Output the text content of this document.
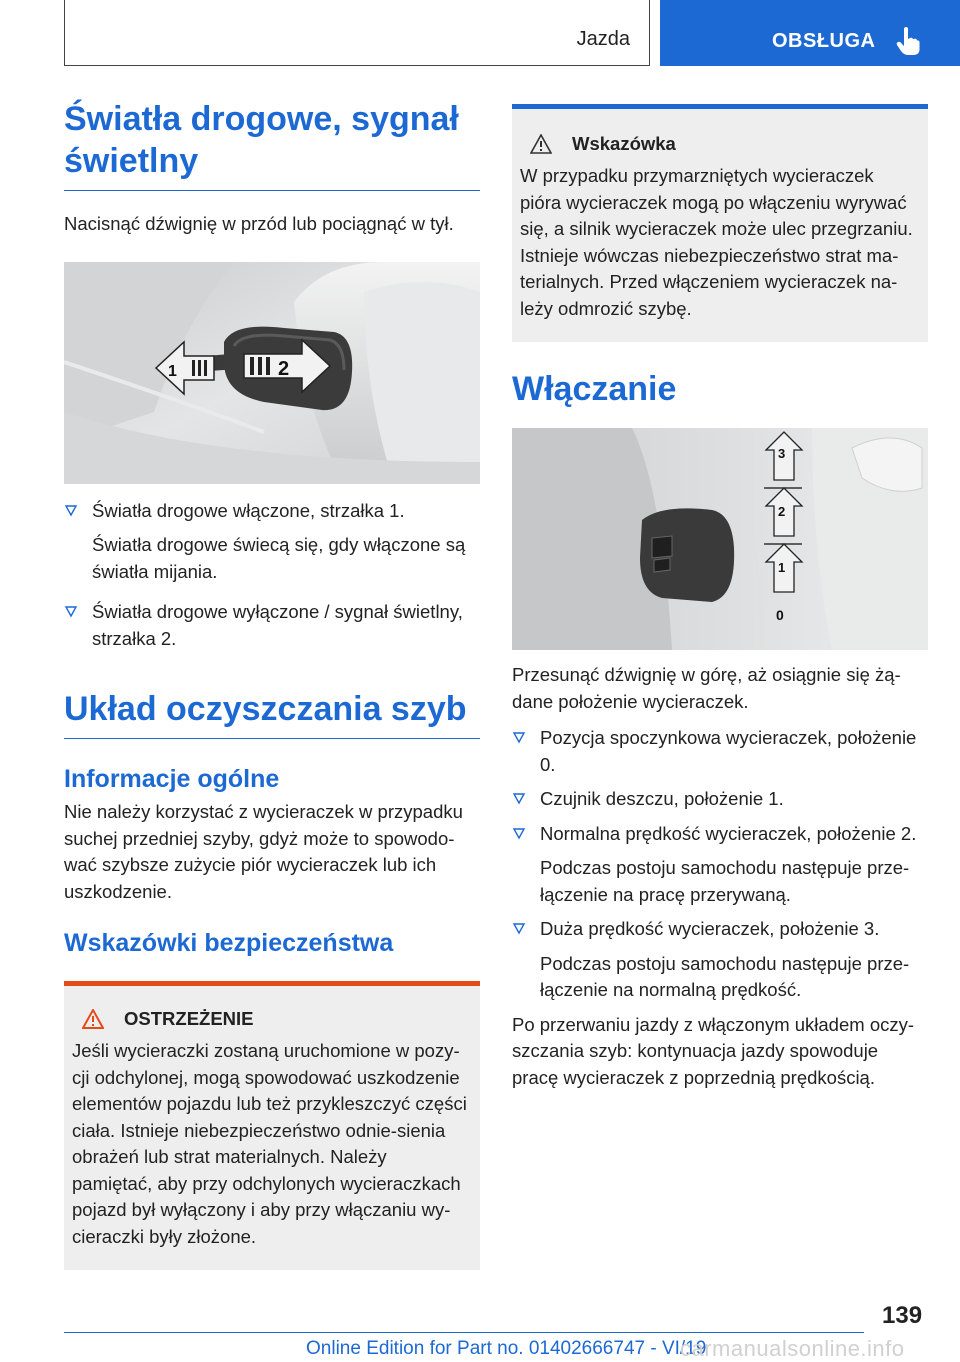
Jazda	OBSŁUGA
Światła drogowe, sygnał świetlny

Nacisnąć dźwignię w przód lub pociągnąć w tył.

2
1
Światła drogowe włączone, strzałka 1.
Światła drogowe świecą się, gdy włączone są światła mijania.
Światła drogowe wyłączone / sygnał świetlny, strzałka 2.
Układ oczyszczania szyb
Informacje ogólne

Nie należy korzystać z wycieraczek w przypadku suchej przedniej szyby, gdyż może to spowodo‐wać szybsze zużycie piór wycieraczek lub ich uszkodzenie.

Wskazówki bezpieczeństwa
OSTRZEŻENIE

Jeśli wycieraczki zostaną uruchomione w pozy‐cji odchylonej, mogą spowodować uszkodzenie elementów pojazdu lub też przykleszczyć części ciała. Istnieje niebezpieczeństwo odnie‐sienia obrażeń lub strat materialnych. Należy pamiętać, aby przy odchylonych wycieraczkach pojazd był wyłączony i aby przy włączaniu wy‐cieraczki były złożone.

Wskazówka

W przypadku przymarzniętych wycieraczek pióra wycieraczek mogą po włączeniu wyrywać się, a silnik wycieraczek może ulec przegrzaniu. Istnieje wówczas niebezpieczeństwo strat ma‐terialnych. Przed włączeniem wycieraczek na‐leży odmrozić szybę.

Włączanie
3
2
1
0

Przesunąć dźwignię w górę, aż osiągnie się żą‐dane położenie wycieraczek.

Pozycja spoczynkowa wycieraczek, położenie 0.
Czujnik deszczu, położenie 1.
Normalna prędkość wycieraczek, położenie 2.
Podczas postoju samochodu następuje prze‐łączenie na pracę przerywaną.
Duża prędkość wycieraczek, położenie 3.
Podczas postoju samochodu następuje prze‐łączenie na normalną prędkość.

Po przerwaniu jazdy z włączonym układem oczy‐szczania szyb: kontynuacja jazdy spowoduje pracę wycieraczek z poprzednią prędkością.

139
Online Edition for Part no. 01402666747 - VI/19
carmanualsonline.info
